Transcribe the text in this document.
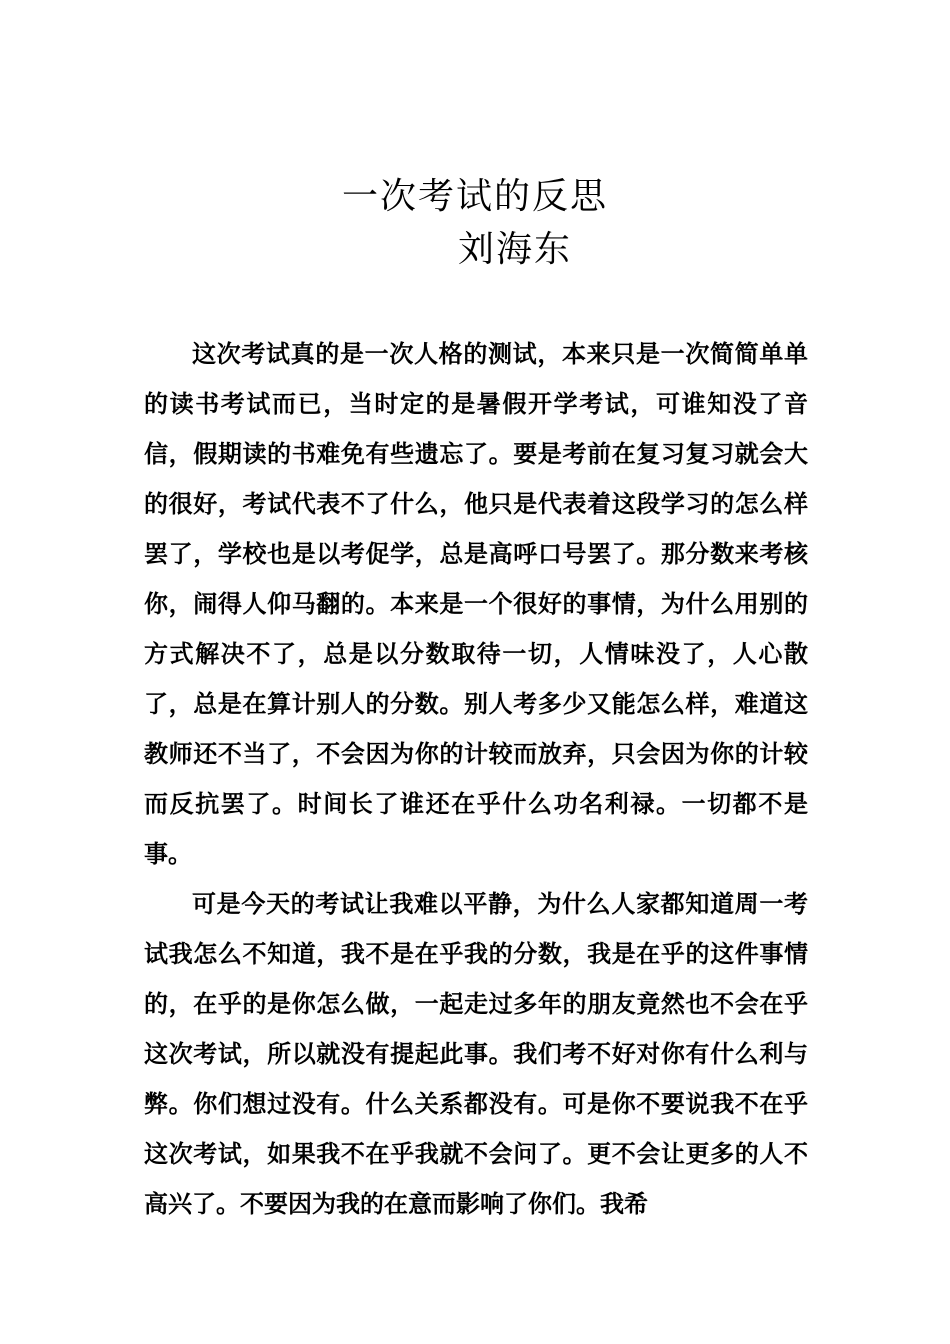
一次考试的反思
刘海东

这次考试真的是一次人格的测试，本来只是一次简简单单的读书考试而已，当时定的是暑假开学考试，可谁知没了音信，假期读的书难免有些遗忘了。要是考前在复习复习就会大的很好，考试代表不了什么，他只是代表着这段学习的怎么样罢了，学校也是以考促学，总是高呼口号罢了。那分数来考核你，闹得人仰马翻的。本来是一个很好的事情，为什么用别的方式解决不了，总是以分数取待一切，人情味没了，人心散了，总是在算计别人的分数。别人考多少又能怎么样，难道这教师还不当了，不会因为你的计较而放弃，只会因为你的计较而反抗罢了。时间长了谁还在乎什么功名利禄。一切都不是事。

可是今天的考试让我难以平静，为什么人家都知道周一考试我怎么不知道，我不是在乎我的分数，我是在乎的这件事情的，在乎的是你怎么做，一起走过多年的朋友竟然也不会在乎这次考试，所以就没有提起此事。我们考不好对你有什么利与弊。你们想过没有。什么关系都没有。可是你不要说我不在乎这次考试，如果我不在乎我就不会问了。更不会让更多的人不高兴了。不要因为我的在意而影响了你们。我希
